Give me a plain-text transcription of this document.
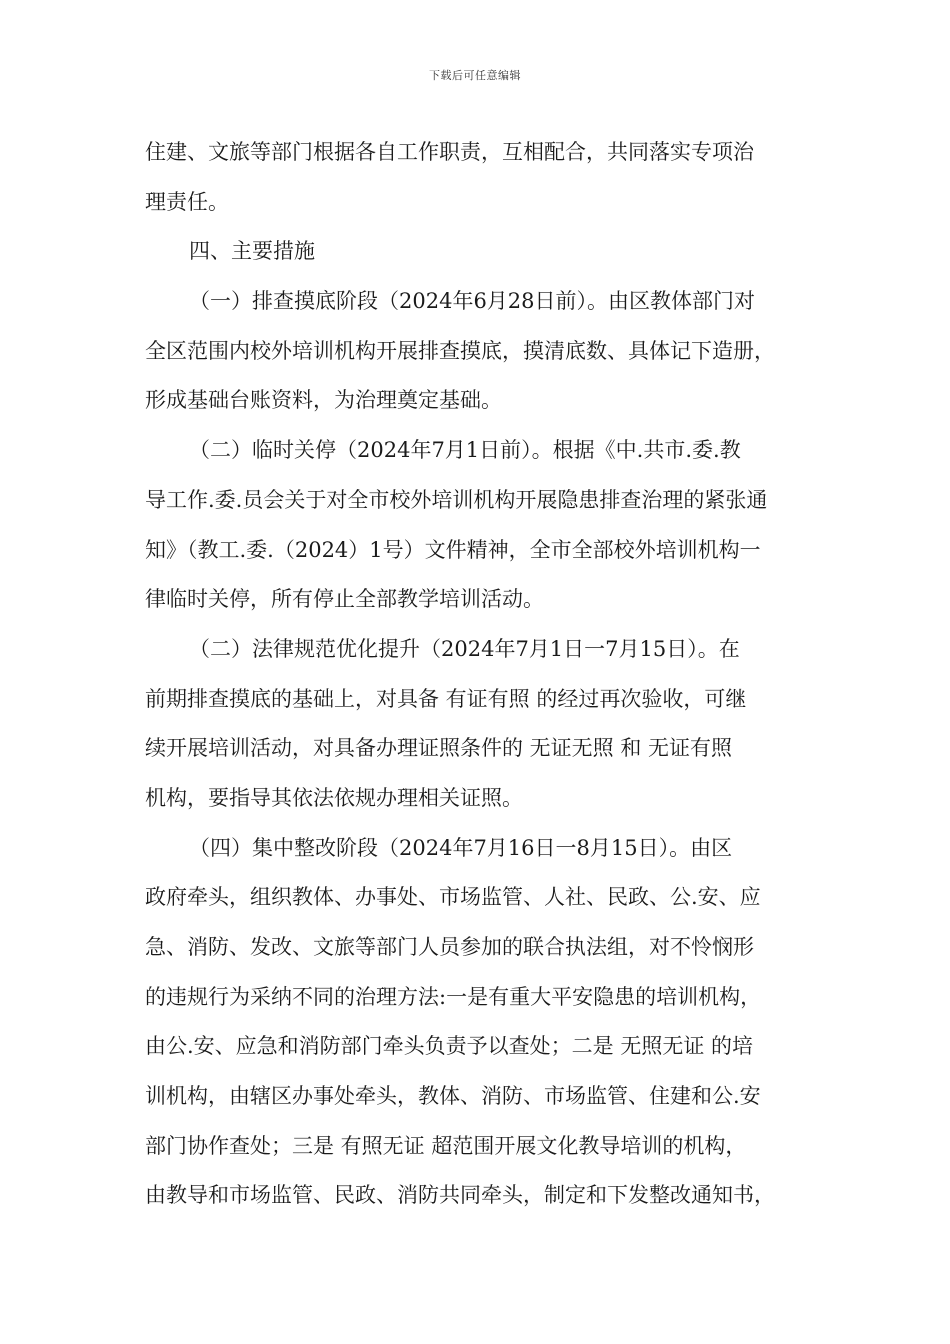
下载后可任意编辑
住建、文旅等部门根据各自工作职责，互相配合，共同落实专项治
理责任。
四、主要措施
（一）排查摸底阶段（2024年6月28日前）。由区教体部门对
全区范围内校外培训机构开展排查摸底，摸清底数、具体记下造册，
形成基础台账资料，为治理奠定基础。
（二）临时关停（2024年7月1日前）。根据《中.共市.委.教
导工作.委.员会关于对全市校外培训机构开展隐患排查治理的紧张通
知》（教工.委.（2024）1号）文件精神，全市全部校外培训机构一
律临时关停，所有停止全部教学培训活动。
（二）法律规范优化提升（2024年7月1日一7月15日）。在
前期排查摸底的基础上，对具备 有证有照 的经过再次验收，可继
续开展培训活动，对具备办理证照条件的 无证无照 和 无证有照
机构，要指导其依法依规办理相关证照。
（四）集中整改阶段（2024年7月16日一8月15日）。由区
政府牵头，组织教体、办事处、市场监管、人社、民政、公.安、应
急、消防、发改、文旅等部门人员参加的联合执法组，对不怜悯形
的违规行为采纳不同的治理方法:一是有重大平安隐患的培训机构，
由公.安、应急和消防部门牵头负责予以查处；二是 无照无证 的培
训机构，由辖区办事处牵头，教体、消防、市场监管、住建和公.安
部门协作查处；三是 有照无证 超范围开展文化教导培训的机构，
由教导和市场监管、民政、消防共同牵头，制定和下发整改通知书，
